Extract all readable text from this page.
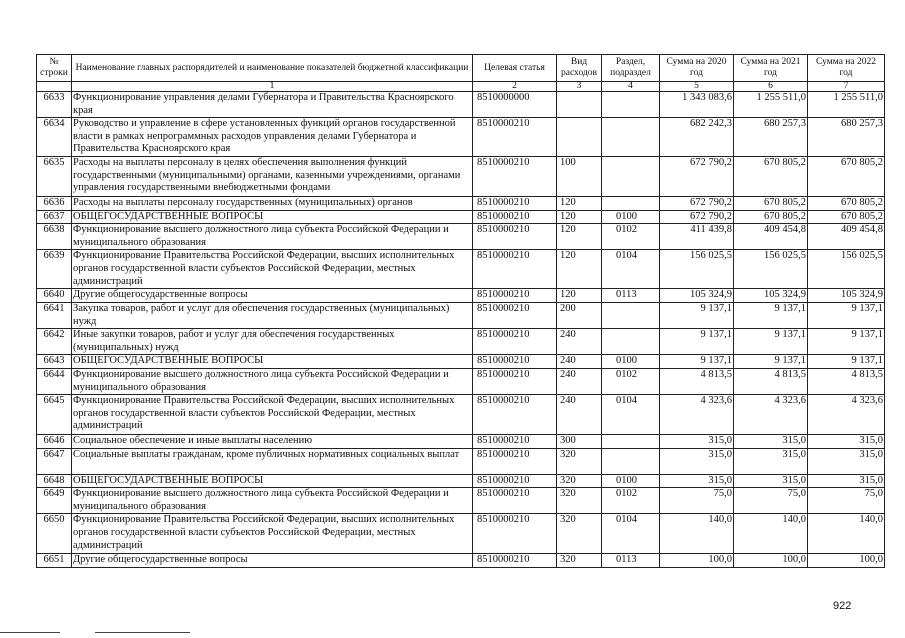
№ строки	Наименование главных распорядителей и наименование показателей бюджетной классификации	Целевая статья	Вид расходов	Раздел, подраздел	Сумма на 2020 год	Сумма на 2021 год	Сумма на 2022 год
	1	2	3	4	5	6	7
6633	Функционирование управления делами Губернатора и Правительства Красноярского края	8510000000			1 343 083,6	1 255 511,0	1 255 511,0
6634	Руководство и управление в сфере установленных функций органов государственной власти в рамках непрограммных расходов управления делами Губернатора и Правительства Красноярского края	8510000210			682 242,3	680 257,3	680 257,3
6635	Расходы на выплаты персоналу в целях обеспечения выполнения функций государственными (муниципальными) органами, казенными учреждениями, органами управления государственными внебюджетными фондами	8510000210	100		672 790,2	670 805,2	670 805,2
6636	Расходы на выплаты персоналу государственных (муниципальных) органов	8510000210	120		672 790,2	670 805,2	670 805,2
6637	ОБЩЕГОСУДАРСТВЕННЫЕ ВОПРОСЫ	8510000210	120	0100	672 790,2	670 805,2	670 805,2
6638	Функционирование высшего должностного лица субъекта Российской Федерации и муниципального образования	8510000210	120	0102	411 439,8	409 454,8	409 454,8
6639	Функционирование Правительства Российской Федерации, высших исполнительных органов государственной власти субъектов Российской Федерации, местных администраций	8510000210	120	0104	156 025,5	156 025,5	156 025,5
6640	Другие общегосударственные вопросы	8510000210	120	0113	105 324,9	105 324,9	105 324,9
6641	Закупка товаров, работ и услуг для обеспечения государственных (муниципальных) нужд	8510000210	200		9 137,1	9 137,1	9 137,1
6642	Иные закупки товаров, работ и услуг для обеспечения государственных (муниципальных) нужд	8510000210	240		9 137,1	9 137,1	9 137,1
6643	ОБЩЕГОСУДАРСТВЕННЫЕ ВОПРОСЫ	8510000210	240	0100	9 137,1	9 137,1	9 137,1
6644	Функционирование высшего должностного лица субъекта Российской Федерации и муниципального образования	8510000210	240	0102	4 813,5	4 813,5	4 813,5
6645	Функционирование Правительства Российской Федерации, высших исполнительных органов государственной власти субъектов Российской Федерации, местных администраций	8510000210	240	0104	4 323,6	4 323,6	4 323,6
6646	Социальное обеспечение и иные выплаты населению	8510000210	300		315,0	315,0	315,0
6647	Социальные выплаты гражданам, кроме публичных нормативных социальных выплат	8510000210	320		315,0	315,0	315,0
6648	ОБЩЕГОСУДАРСТВЕННЫЕ ВОПРОСЫ	8510000210	320	0100	315,0	315,0	315,0
6649	Функционирование высшего должностного лица субъекта Российской Федерации и муниципального образования	8510000210	320	0102	75,0	75,0	75,0
6650	Функционирование Правительства Российской Федерации, высших исполнительных органов государственной власти субъектов Российской Федерации, местных администраций	8510000210	320	0104	140,0	140,0	140,0
6651	Другие общегосударственные вопросы	8510000210	320	0113	100,0	100,0	100,0
922
